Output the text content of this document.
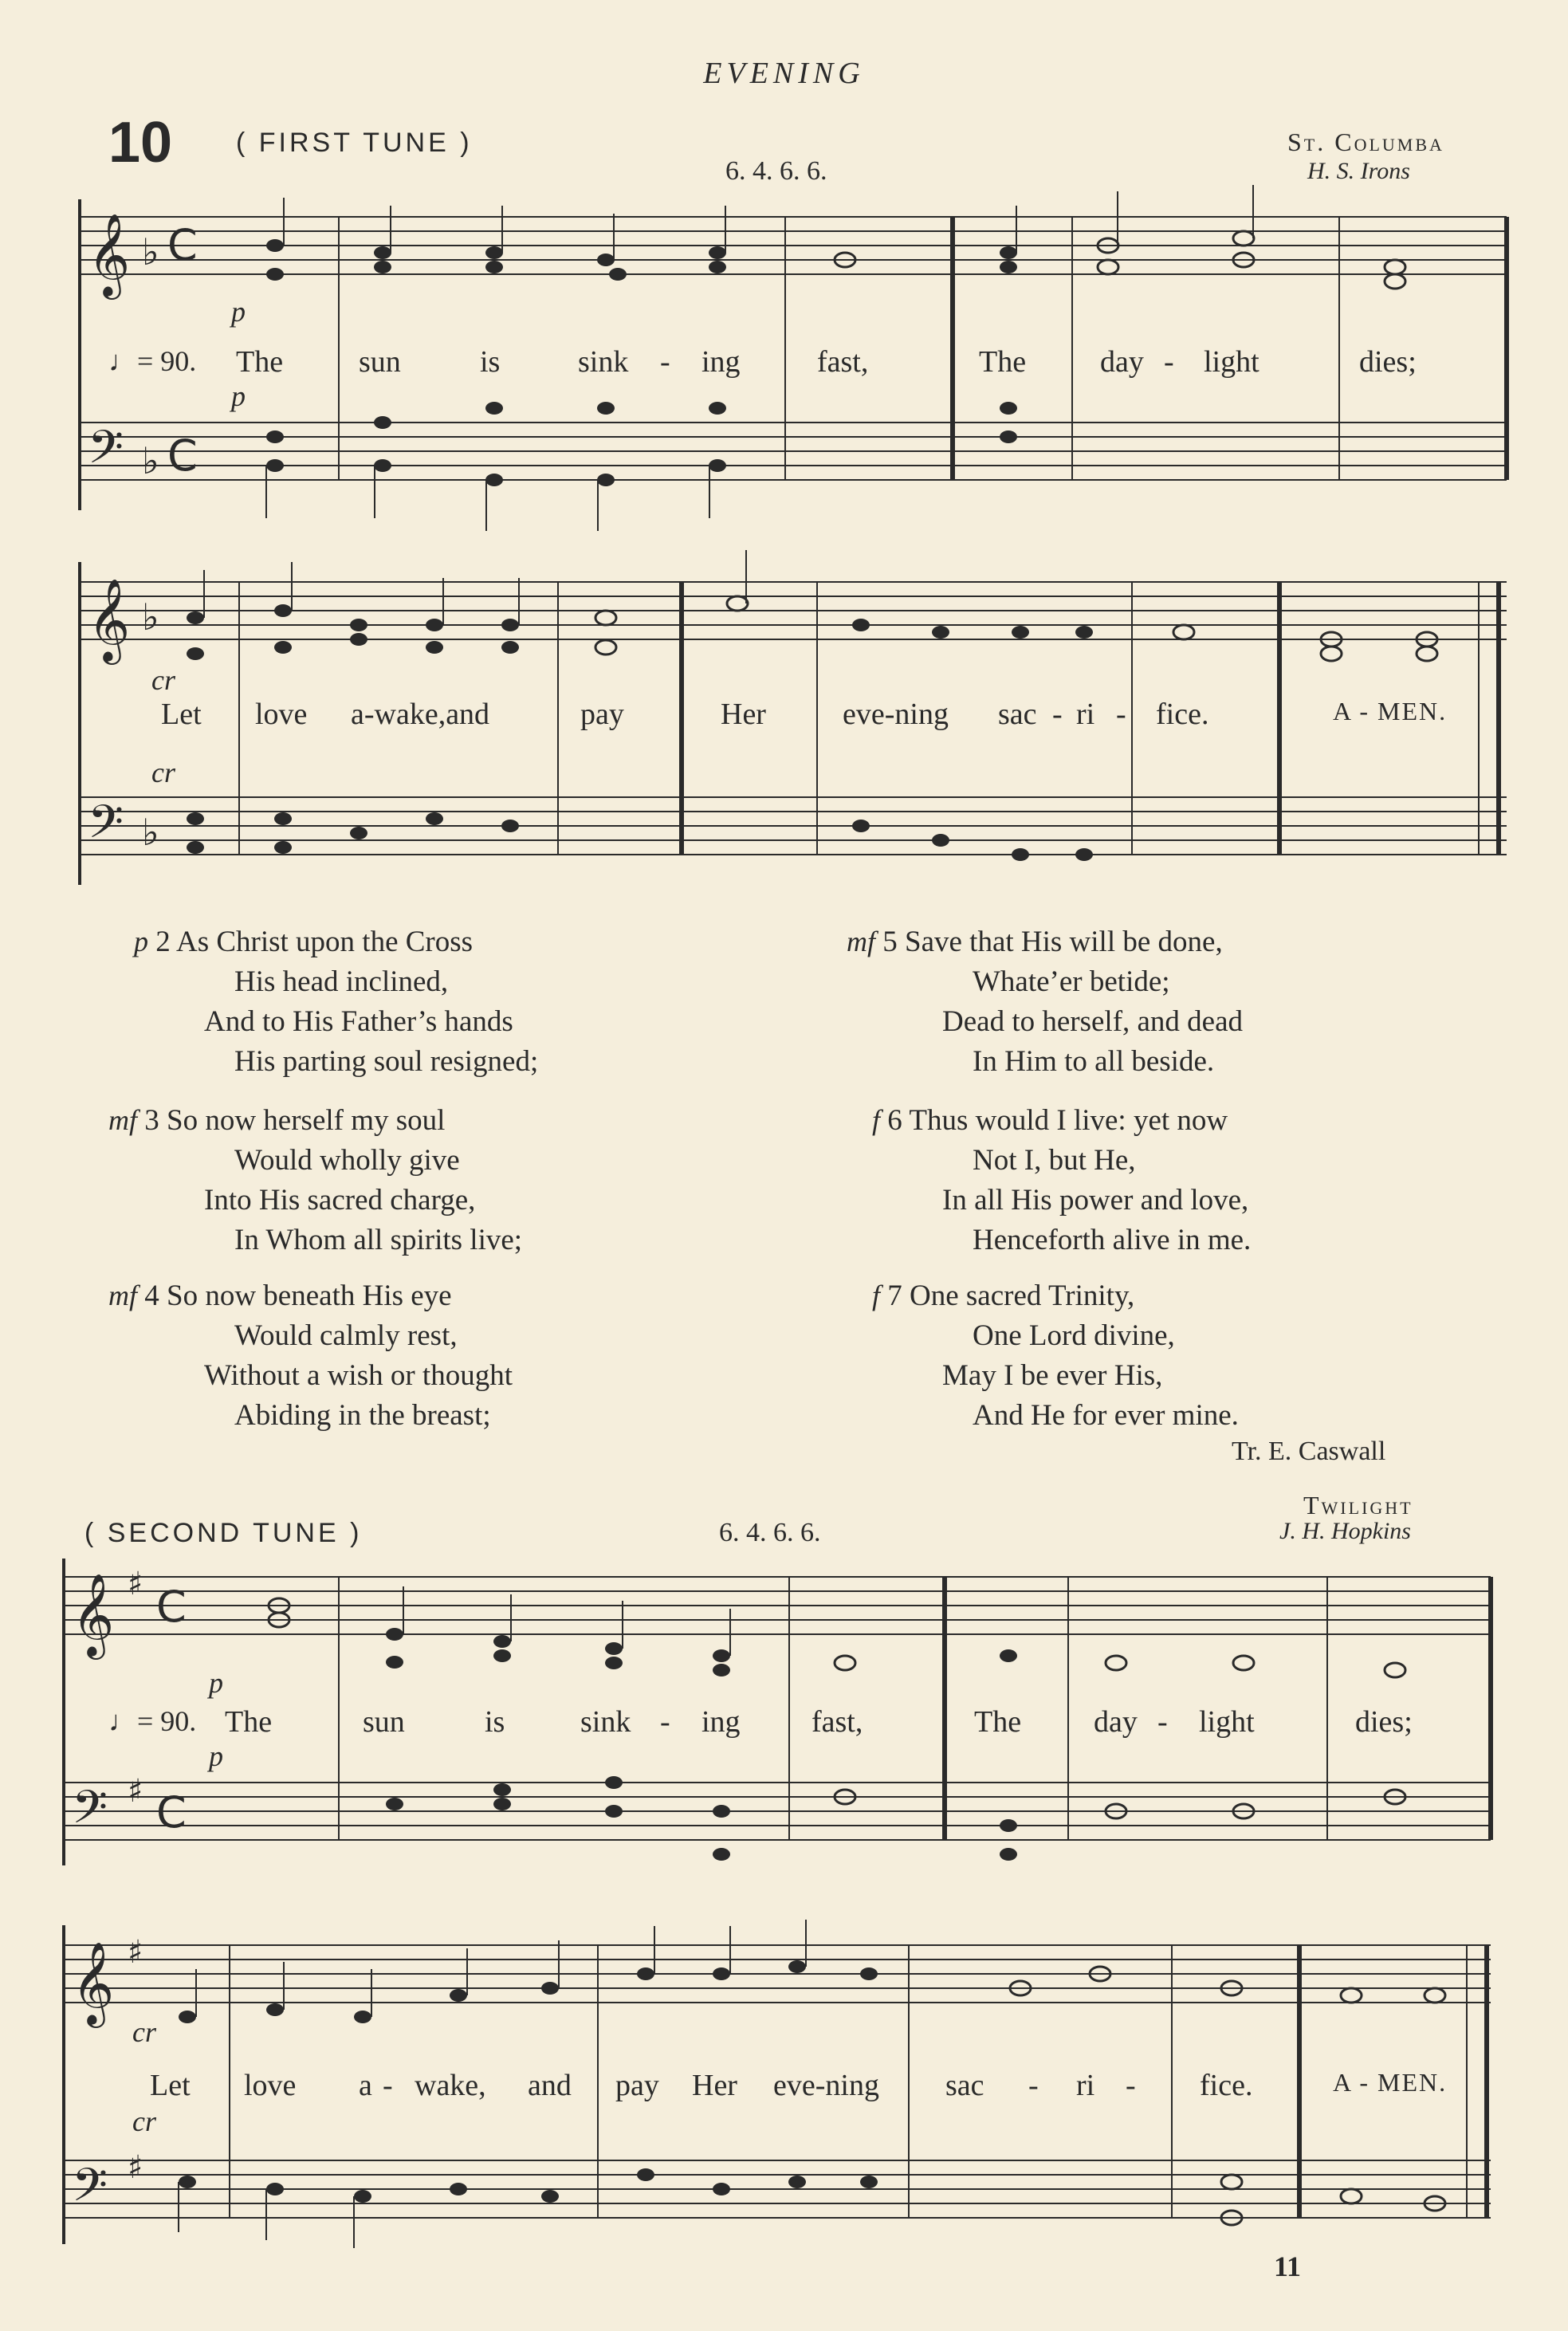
EVENING
10 ( FIRST TUNE )
6. 4. 6. 6.
St. Columba
H. S. Irons
𝄞
𝄢
𝄞
𝄢
𝄞
𝄢
𝄞
𝄢
♭ C
♭ C
♭
♭
♯ C
♯ C
♯
♯
p
♩= 90.
p
The sun	is	sink - ing	fast,	The day - light	dies;
cr
cr
Let love a-wake,and	pay	Her	eve-ning sac - ri - fice.	A - MEN.
p 2 As Christ upon the Cross
His head inclined,
And to His Father’s hands
His parting soul resigned;
mf 3 So now herself my soul
Would wholly give
Into His sacred charge,
In Whom all spirits live;
mf 4 So now beneath His eye
Would calmly rest,
Without a wish or thought
Abiding in the breast;
mf 5 Save that His will be done,
Whate’er betide;
Dead to herself, and dead
In Him to all beside.
f 6 Thus would I live: yet now
Not I, but He,
In all His power and love,
Henceforth alive in me.
f 7 One sacred Trinity,
One Lord divine,
May I be ever His,
And He for ever mine.
Tr. E. Caswall
Twilight
( SECOND TUNE )	6. 4. 6. 6.	J. H. Hopkins
p
♩= 90.
p
The	sun	is sink - ing fast,	The day - light	dies;
cr
cr
Let love a - wake, and pay Her eve-ning sac - ri - fice.	A - MEN.
11
